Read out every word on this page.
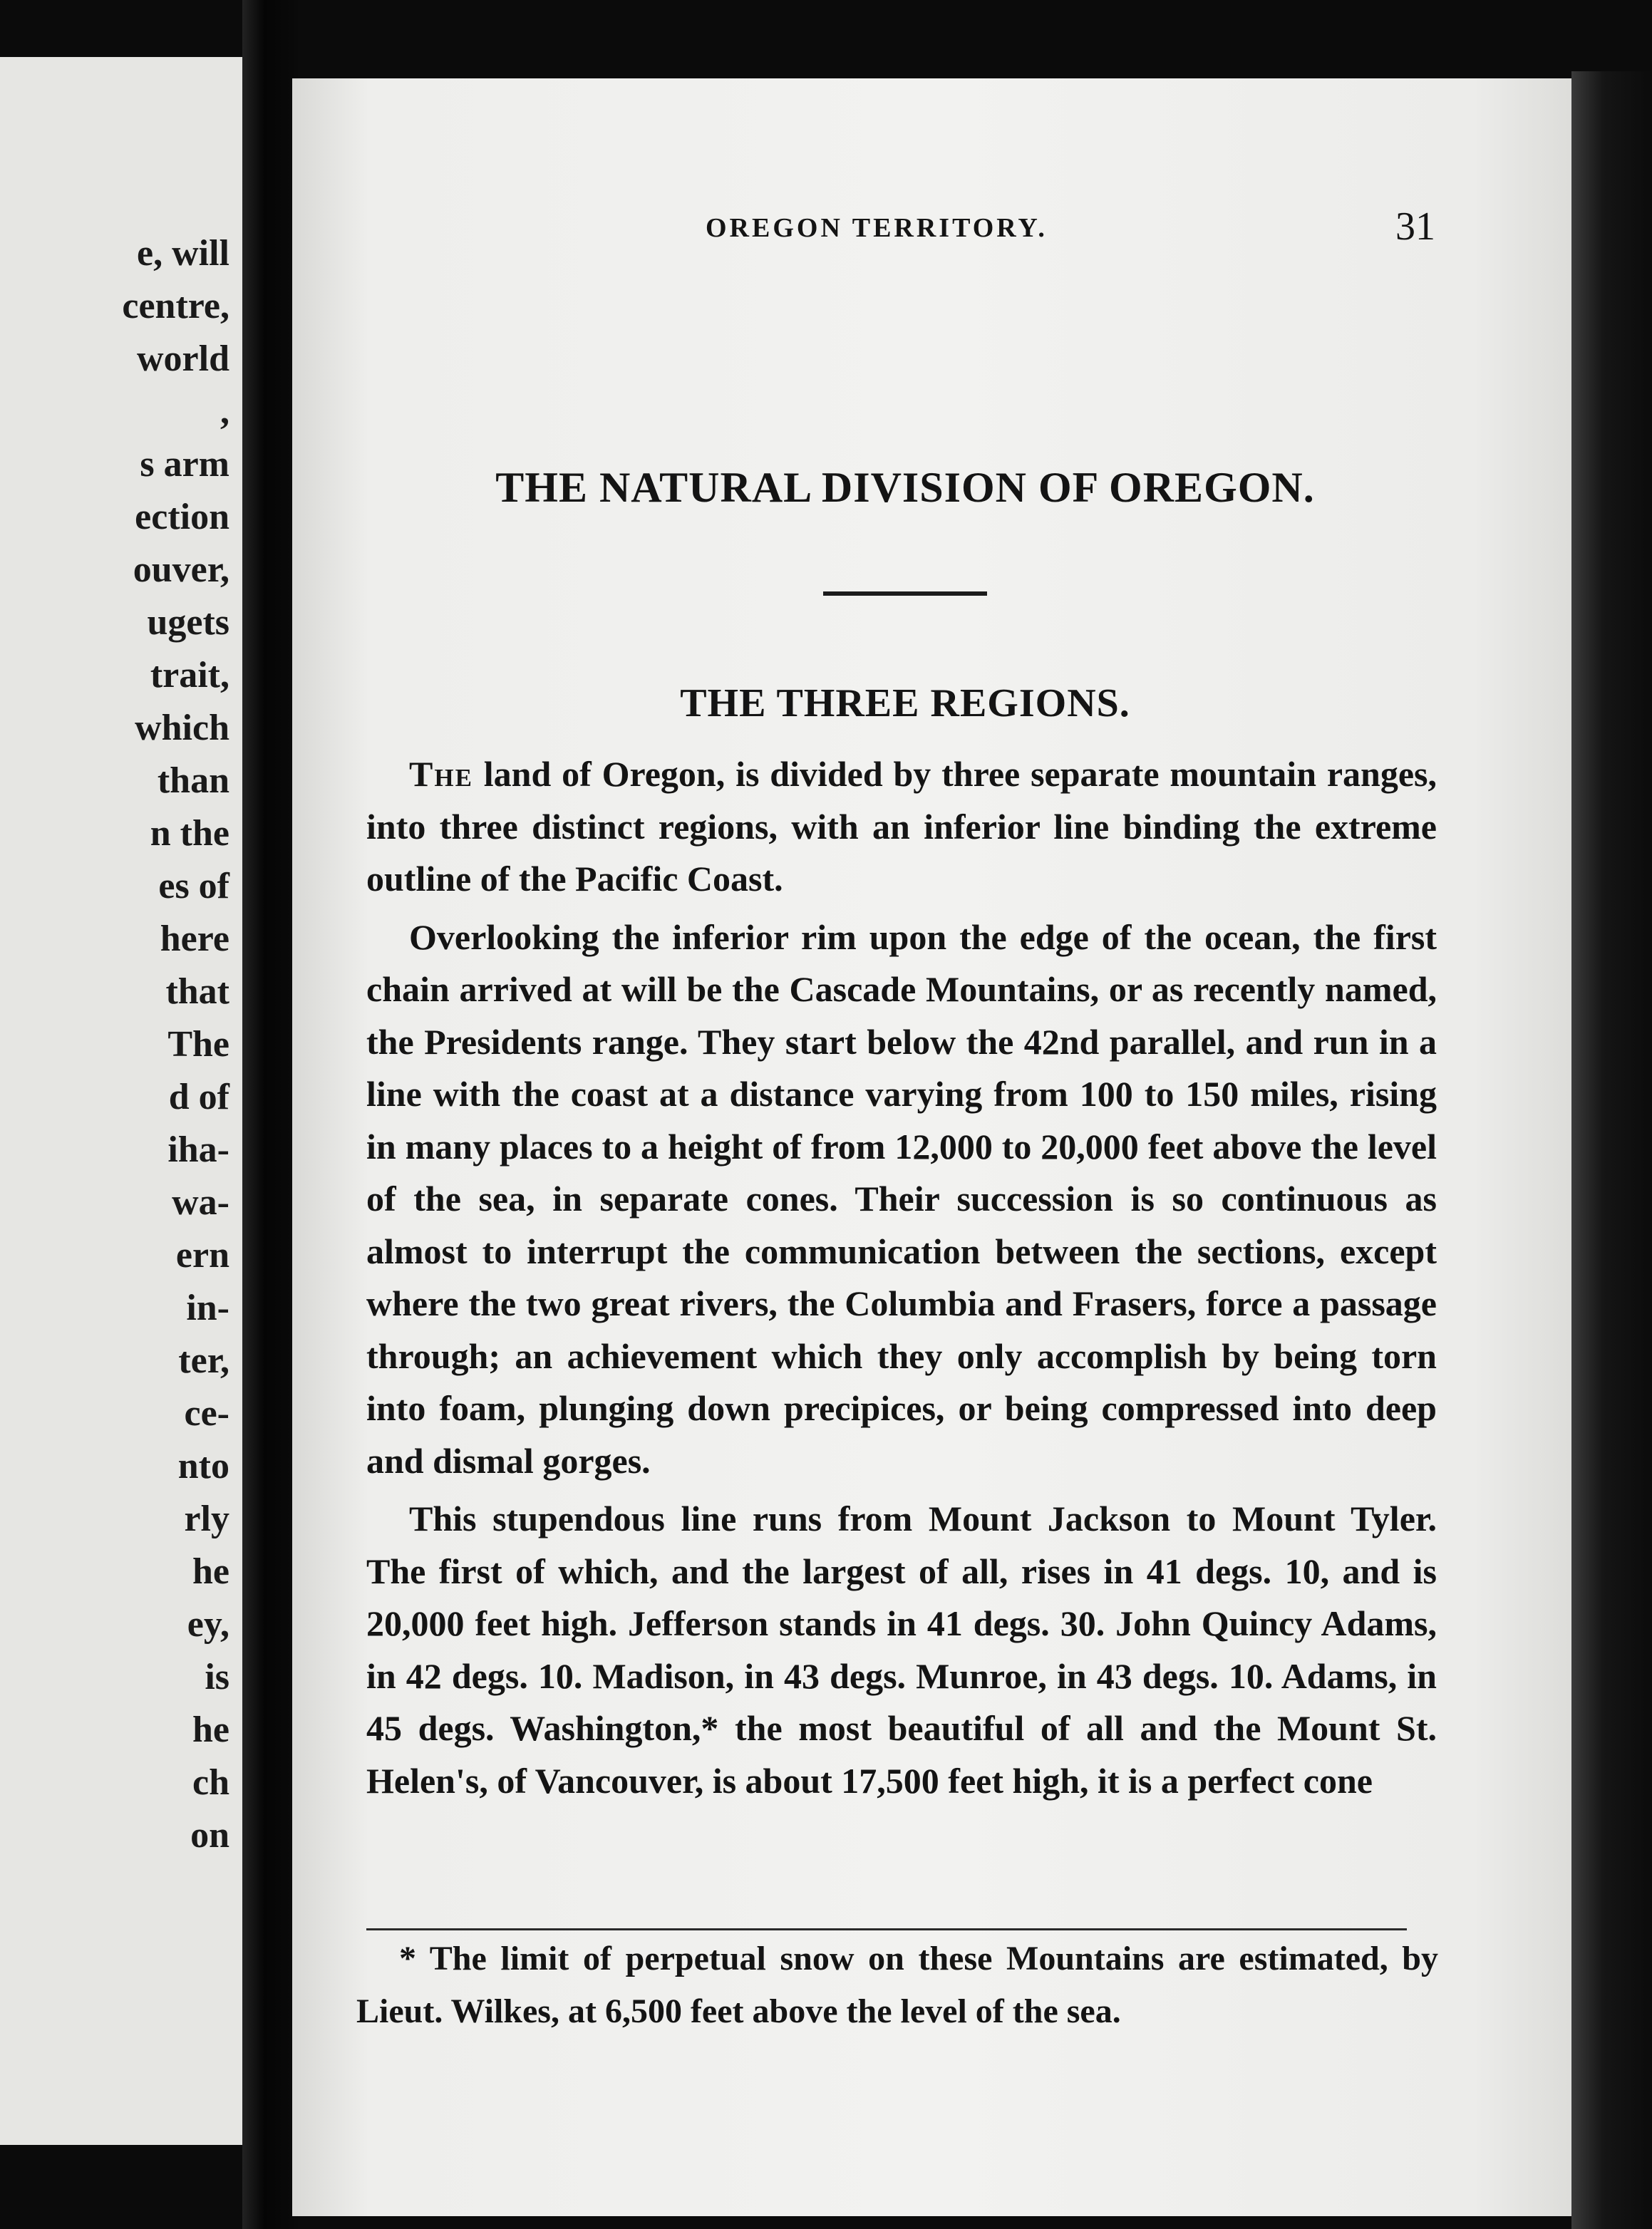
e, will
centre,
world
,
s arm
ection
ouver,
ugets
trait,
which
than
n the
es of
here
that
The
d of
iha-
wa-
ern
in-
ter,
ce-
nto
rly
he
ey,
is
he
ch
on
OREGON TERRITORY.	31
THE NATURAL DIVISION OF OREGON.
THE THREE REGIONS.

The land of Oregon, is divided by three separate mountain ranges, into three distinct regions, with an inferior line binding the extreme outline of the Pacific Coast.

Overlooking the inferior rim upon the edge of the ocean, the first chain arrived at will be the Cascade Mountains, or as recently named, the Presidents range. They start below the 42nd parallel, and run in a line with the coast at a distance varying from 100 to 150 miles, rising in many places to a height of from 12,000 to 20,000 feet above the level of the sea, in separate cones. Their succession is so continuous as almost to interrupt the communication between the sections, except where the two great rivers, the Columbia and Frasers, force a passage through; an achievement which they only accomplish by being torn into foam, plunging down precipices, or being compressed into deep and dismal gorges.

This stupendous line runs from Mount Jackson to Mount Tyler. The first of which, and the largest of all, rises in 41 degs. 10, and is 20,000 feet high. Jefferson stands in 41 degs. 30. John Quincy Adams, in 42 degs. 10. Madison, in 43 degs. Munroe, in 43 degs. 10. Adams, in 45 degs. Washington,* the most beautiful of all and the Mount St. Helen's, of Vancouver, is about 17,500 feet high, it is a perfect cone

* The limit of perpetual snow on these Mountains are estimated, by Lieut. Wilkes, at 6,500 feet above the level of the sea.
